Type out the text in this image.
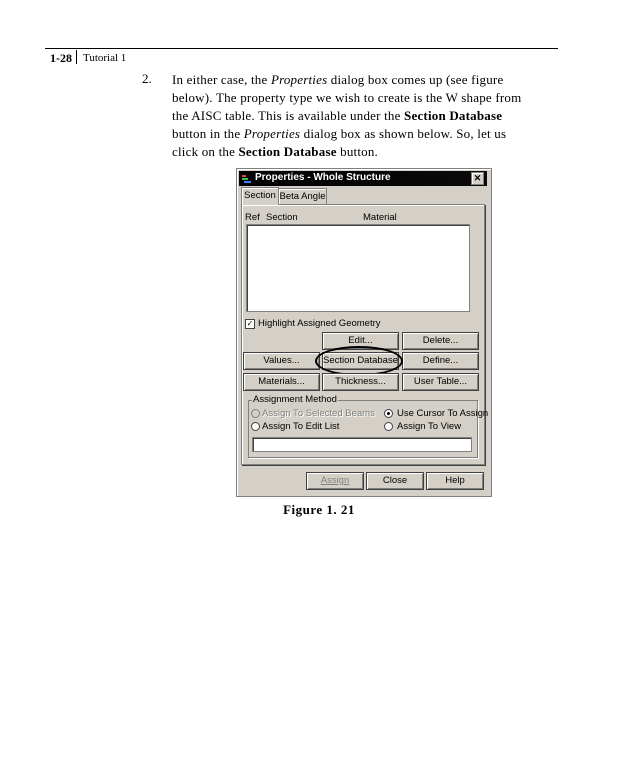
1-28 Tutorial 1
2. In either case, the Properties dialog box comes up (see figure
below). The property type we wish to create is the W shape from
the AISC table. This is available under the Section Database
button in the Properties dialog box as shown below. So, let us
click on the Section Database button.
Properties - Whole Structure	✕
Section Beta Angle
Ref Section	Material
✓ Highlight Assigned Geometry
Edit...	Delete...
Values...	Section Database	Define...
Materials...	Thickness...	User Table...
Assignment Method
Assign To Selected Beams Use Cursor To Assign
Assign To Edit List	Assign To View
Assign	Close	Help
Figure 1. 21
